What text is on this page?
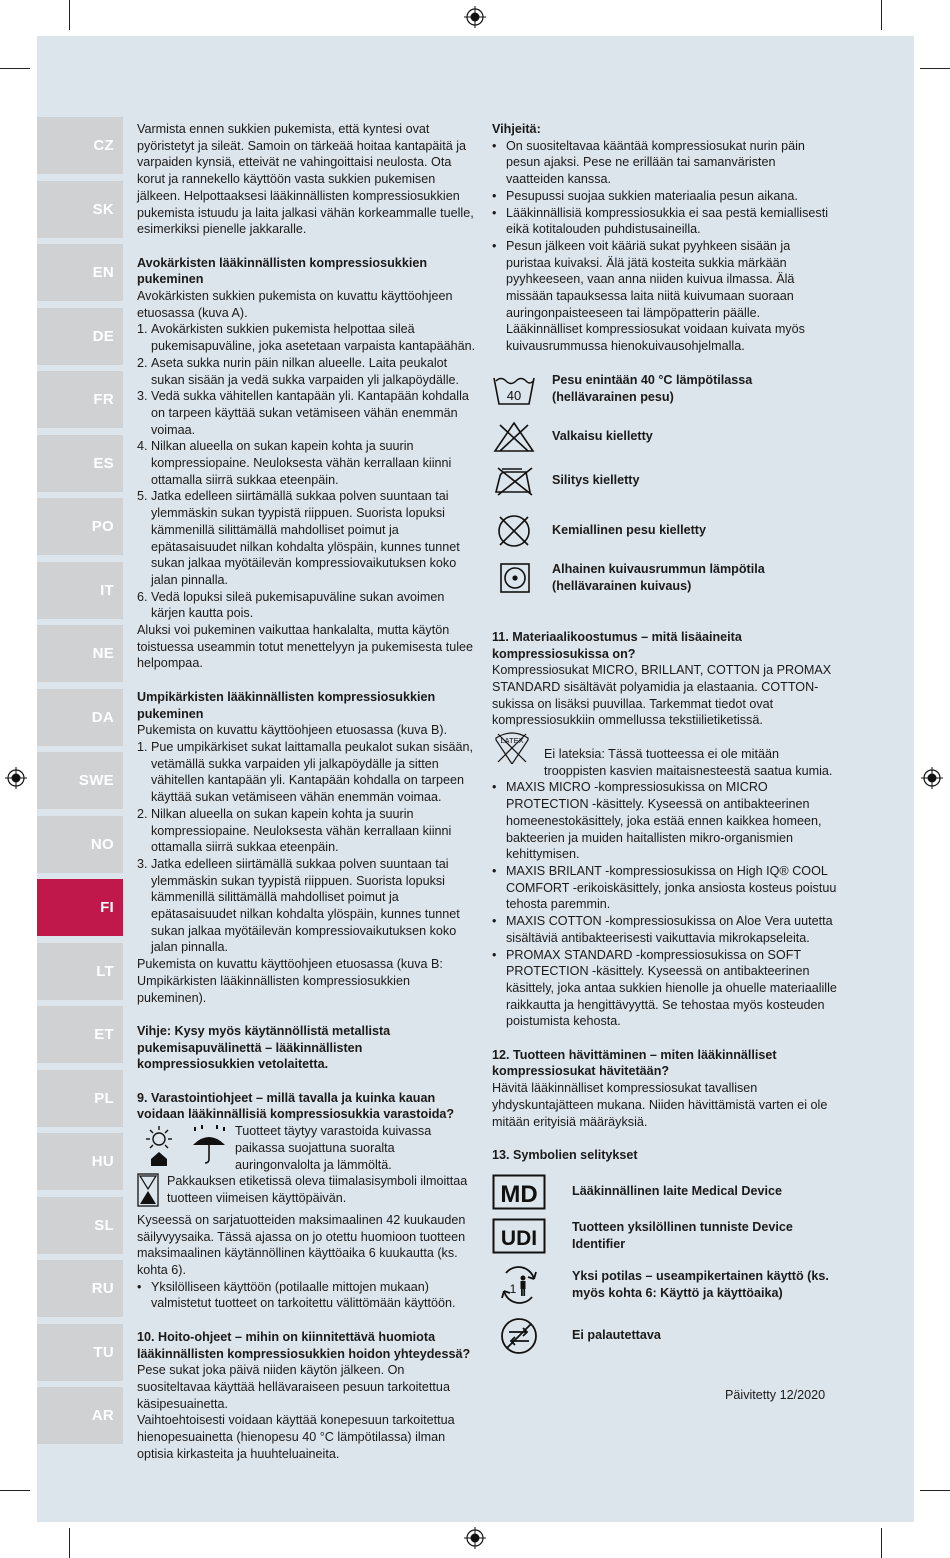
CZ
SK
EN
DE
FR
ES
PO
IT
NE
DA
SWE
NO
FI
LT
ET
PL
HU
SL
RU
TU
AR

Varmista ennen sukkien pukemista, että kyntesi ovat pyöristetyt ja sileät. Samoin on tärkeää hoitaa kantapäitä ja varpaiden kynsiä, etteivät ne vahingoittaisi neulosta. Ota korut ja rannekello käyttöön vasta sukkien pukemisen jälkeen. Helpottaaksesi lääkinnällisten kompressiosukkien pukemista istuudu ja laita jalkasi vähän korkeammalle tuelle, esimerkiksi pienelle jakkaralle.

Avokärkisten lääkinnällisten kompressiosukkien pukeminen

Avokärkisten sukkien pukemista on kuvattu käyttöohjeen etuosassa (kuva A).

1. Avokärkisten sukkien pukemista helpottaa sileä pukemisapuväline, joka asetetaan varpaista kantapäähän.
2. Aseta sukka nurin päin nilkan alueelle. Laita peukalot sukan sisään ja vedä sukka varpaiden yli jalkapöydälle.
3. Vedä sukka vähitellen kantapään yli. Kantapään kohdalla on tarpeen käyttää sukan vetämiseen vähän enemmän voimaa.
4. Nilkan alueella on sukan kapein kohta ja suurin kompressiopaine. Neuloksesta vähän kerrallaan kiinni ottamalla siirrä sukkaa eteenpäin.
5. Jatka edelleen siirtämällä sukkaa polven suuntaan tai ylemmäskin sukan tyypistä riippuen. Suorista lopuksi kämmenillä silittämällä mahdolliset poimut ja epätasaisuudet nilkan kohdalta ylöspäin, kunnes tunnet sukan jalkaa myötäilevän kompressiovaikutuksen koko jalan pinnalla.
6. Vedä lopuksi sileä pukemisapuväline sukan avoimen kärjen kautta pois.

Aluksi voi pukeminen vaikuttaa hankalalta, mutta käytön toistuessa useammin totut menettelyyn ja pukemisesta tulee helpompaa.

Umpikärkisten lääkinnällisten kompressiosukkien pukeminen

Pukemista on kuvattu käyttöohjeen etuosassa (kuva B).

1. Pue umpikärkiset sukat laittamalla peukalot sukan sisään, vetämällä sukka varpaiden yli jalkapöydälle ja sitten vähitellen kantapään yli. Kantapään kohdalla on tarpeen käyttää sukan vetämiseen vähän enemmän voimaa.
2. Nilkan alueella on sukan kapein kohta ja suurin kompressiopaine. Neuloksesta vähän kerrallaan kiinni ottamalla siirrä sukkaa eteenpäin.
3. Jatka edelleen siirtämällä sukkaa polven suuntaan tai ylemmäskin sukan tyypistä riippuen. Suorista lopuksi kämmenillä silittämällä mahdolliset poimut ja epätasaisuudet nilkan kohdalta ylöspäin, kunnes tunnet sukan jalkaa myötäilevän kompressiovaikutuksen koko jalan pinnalla.

Pukemista on kuvattu käyttöohjeen etuosassa (kuva B: Umpikärkisten lääkinnällisten kompressiosukkien pukeminen).

Vihje: Kysy myös käytännöllistä metallista pukemisapuvälinettä – lääkinnällisten kompressiosukkien vetolaitetta.

9. Varastointiohjeet – millä tavalla ja kuinka kauan voidaan lääkinnällisiä kompressiosukkia varastoida?

Tuotteet täytyy varastoida kuivassa paikassa suojattuna suoralta auringonvalolta ja lämmöltä.

Pakkauksen etiketissä oleva tiimalasisymboli ilmoittaa tuotteen viimeisen käyttöpäivän.

Kyseessä on sarjatuotteiden maksimaalinen 42 kuukauden säilyvyysaika. Tässä ajassa on jo otettu huomioon tuotteen maksimaalinen käytännöllinen käyttöaika 6 kuukautta (ks. kohta 6).

• Yksilölliseen käyttöön (potilaalle mittojen mukaan) valmistetut tuotteet on tarkoitettu välittömään käyttöön.

10. Hoito-ohjeet – mihin on kiinnitettävä huomiota lääkinnällisten kompressiosukkien hoidon yhteydessä?

Pese sukat joka päivä niiden käytön jälkeen. On suositeltavaa käyttää hellävaraiseen pesuun tarkoitettua käsipesuainetta.

Vaihtoehtoisesti voidaan käyttää konepesuun tarkoitettua hienopesuainetta (hienopesu 40 °C lämpötilassa) ilman optisia kirkasteita ja huuhteluaineita.

Vihjeitä:

• On suositeltavaa kääntää kompressiosukat nurin päin pesun ajaksi. Pese ne erillään tai samanväristen vaatteiden kanssa.
• Pesupussi suojaa sukkien materiaalia pesun aikana.
• Lääkinnällisiä kompressiosukkia ei saa pestä kemiallisesti eikä kotitalouden puhdistusaineilla.
• Pesun jälkeen voit kääriä sukat pyyhkeen sisään ja puristaa kuivaksi. Älä jätä kosteita sukkia märkään pyyhkeeseen, vaan anna niiden kuivua ilmassa. Älä missään tapauksessa laita niitä kuivumaan suoraan auringonpaisteeseen tai lämpöpatterin päälle. Lääkinnälliset kompressiosukat voidaan kuivata myös kuivausrummussa hienokuivausohjelmalla.
40
Pesu enintään 40 °C lämpötilassa (hellävarainen pesu)
Valkaisu kielletty
Silitys kielletty
Kemiallinen pesu kielletty
Alhainen kuivausrummun lämpötila (hellävarainen kuivaus)

11. Materiaalikoostumus – mitä lisäaineita kompressiosukissa on?

Kompressiosukat MICRO, BRILLANT, COTTON ja PROMAX STANDARD sisältävät polyamidia ja elastaania. COTTON-sukissa on lisäksi puuvillaa. Tarkemmat tiedot ovat kompressiosukkiin ommellussa tekstiilietiketissä.

LATEX

Ei lateksia: Tässä tuotteessa ei ole mitään trooppisten kasvien maitaisnesteestä saatua kumia.

• MAXIS MICRO -kompressiosukissa on MICRO PROTECTION -käsittely. Kyseessä on antibakteerinen homeenestokäsittely, joka estää ennen kaikkea homeen, bakteerien ja muiden haitallisten mikro-organismien kehittymisen.
• MAXIS BRILANT -kompressiosukissa on High IQ® COOL COMFORT -erikoiskäsittely, jonka ansiosta kosteus poistuu tehosta paremmin.
• MAXIS COTTON -kompressiosukissa on Aloe Vera uutetta sisältäviä antibakteerisesti vaikuttavia mikrokapseleita.
• PROMAX STANDARD -kompressiosukissa on SOFT PROTECTION -käsittely. Kyseessä on antibakteerinen käsittely, joka antaa sukkien hienolle ja ohuelle materiaalille raikkautta ja hengittävyyttä. Se tehostaa myös kosteuden poistumista kehosta.

12. Tuotteen hävittäminen – miten lääkinnälliset kompressiosukat hävitetään?

Hävitä lääkinnälliset kompressiosukat tavallisen yhdyskuntajätteen mukana. Niiden hävittämistä varten ei ole mitään erityisiä määräyksiä.

13. Symbolien selitykset

MD	Lääkinnällinen laite Medical Device
UDI	Tuotteen yksilöllinen tunniste Device Identifier
1
Yksi potilas – useampikertainen käyttö (ks. myös kohta 6: Käyttö ja käyttöaika)
Ei palautettava
Päivitetty 12/2020
